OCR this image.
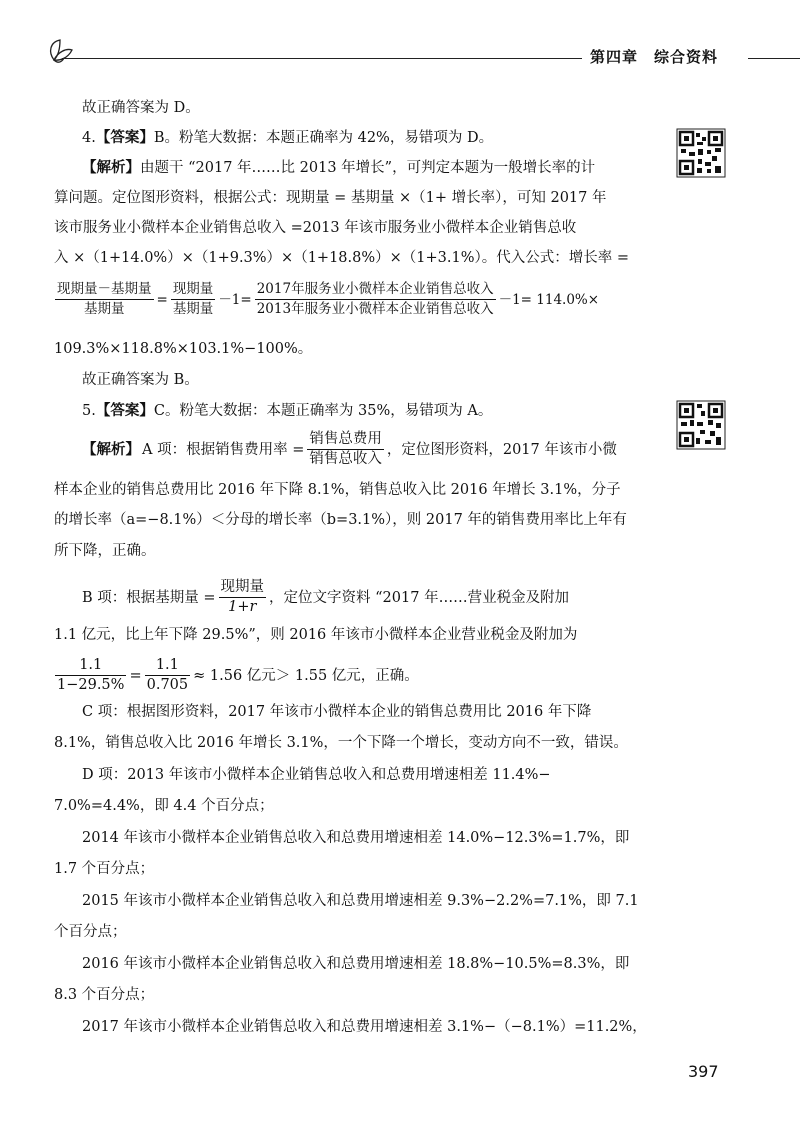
第四章 综合资料
故正确答案为 D。
4.【答案】B。粉笔大数据：本题正确率为 42%，易错项为 D。
【解析】由题干 “2017 年……比 2013 年增长”，可判定本题为一般增长率的计
算问题。定位图形资料，根据公式：现期量 = 基期量 ×（1+ 增长率），可知 2017 年
该市服务业小微样本企业销售总收入 =2013 年该市服务业小微样本企业销售总收
入 ×（1+14.0%）×（1+9.3%）×（1+18.8%）×（1+3.1%）。代入公式：增长率 =
$\frac{\text{现期量－基期量}}{\text{基期量}} = \frac{\text{现期量}}{\text{基期量}} -1= \frac{\text{2017年服务业小微样本企业销售总收入}}{\text{2013年服务业小微样本企业销售总收入}} -1= 114.0\%\times$
109.3%×118.8%×103.1%−100%。
故正确答案为 B。
5.【答案】C。粉笔大数据：本题正确率为 35%，易错项为 A。
【解析】 A 项：根据销售费用率 = $\frac{\text{销售总费用}}{\text{销售总收入}}$ ，定位图形资料，2017 年该市小微
样本企业的销售总费用比 2016 年下降 8.1%，销售总收入比 2016 年增长 3.1%，分子
的增长率（a=−8.1%）＜分母的增长率（b=3.1%），则 2017 年的销售费用率比上年有
所下降，正确。
B 项：根据基期量 = $\frac{\text{现期量}}{1+r}$ ，定位文字资料 “2017 年……营业税金及附加
1.1 亿元，比上年下降 29.5%”，则 2016 年该市小微样本企业营业税金及附加为
$\frac{1.1}{1-29.5\%} = \frac{1.1}{0.705} \approx 1.56$ 亿元＞ 1.55 亿元，正确。
C 项：根据图形资料，2017 年该市小微样本企业的销售总费用比 2016 年下降
8.1%，销售总收入比 2016 年增长 3.1%，一个下降一个增长，变动方向不一致，错误。
D 项：2013 年该市小微样本企业销售总收入和总费用增速相差 11.4%−
7.0%=4.4%，即 4.4 个百分点；
2014 年该市小微样本企业销售总收入和总费用增速相差 14.0%−12.3%=1.7%，即
1.7 个百分点；
2015 年该市小微样本企业销售总收入和总费用增速相差 9.3%−2.2%=7.1%，即 7.1
个百分点；
2016 年该市小微样本企业销售总收入和总费用增速相差 18.8%−10.5%=8.3%，即
8.3 个百分点；
2017 年该市小微样本企业销售总收入和总费用增速相差 3.1%−（−8.1%）=11.2%，
397
